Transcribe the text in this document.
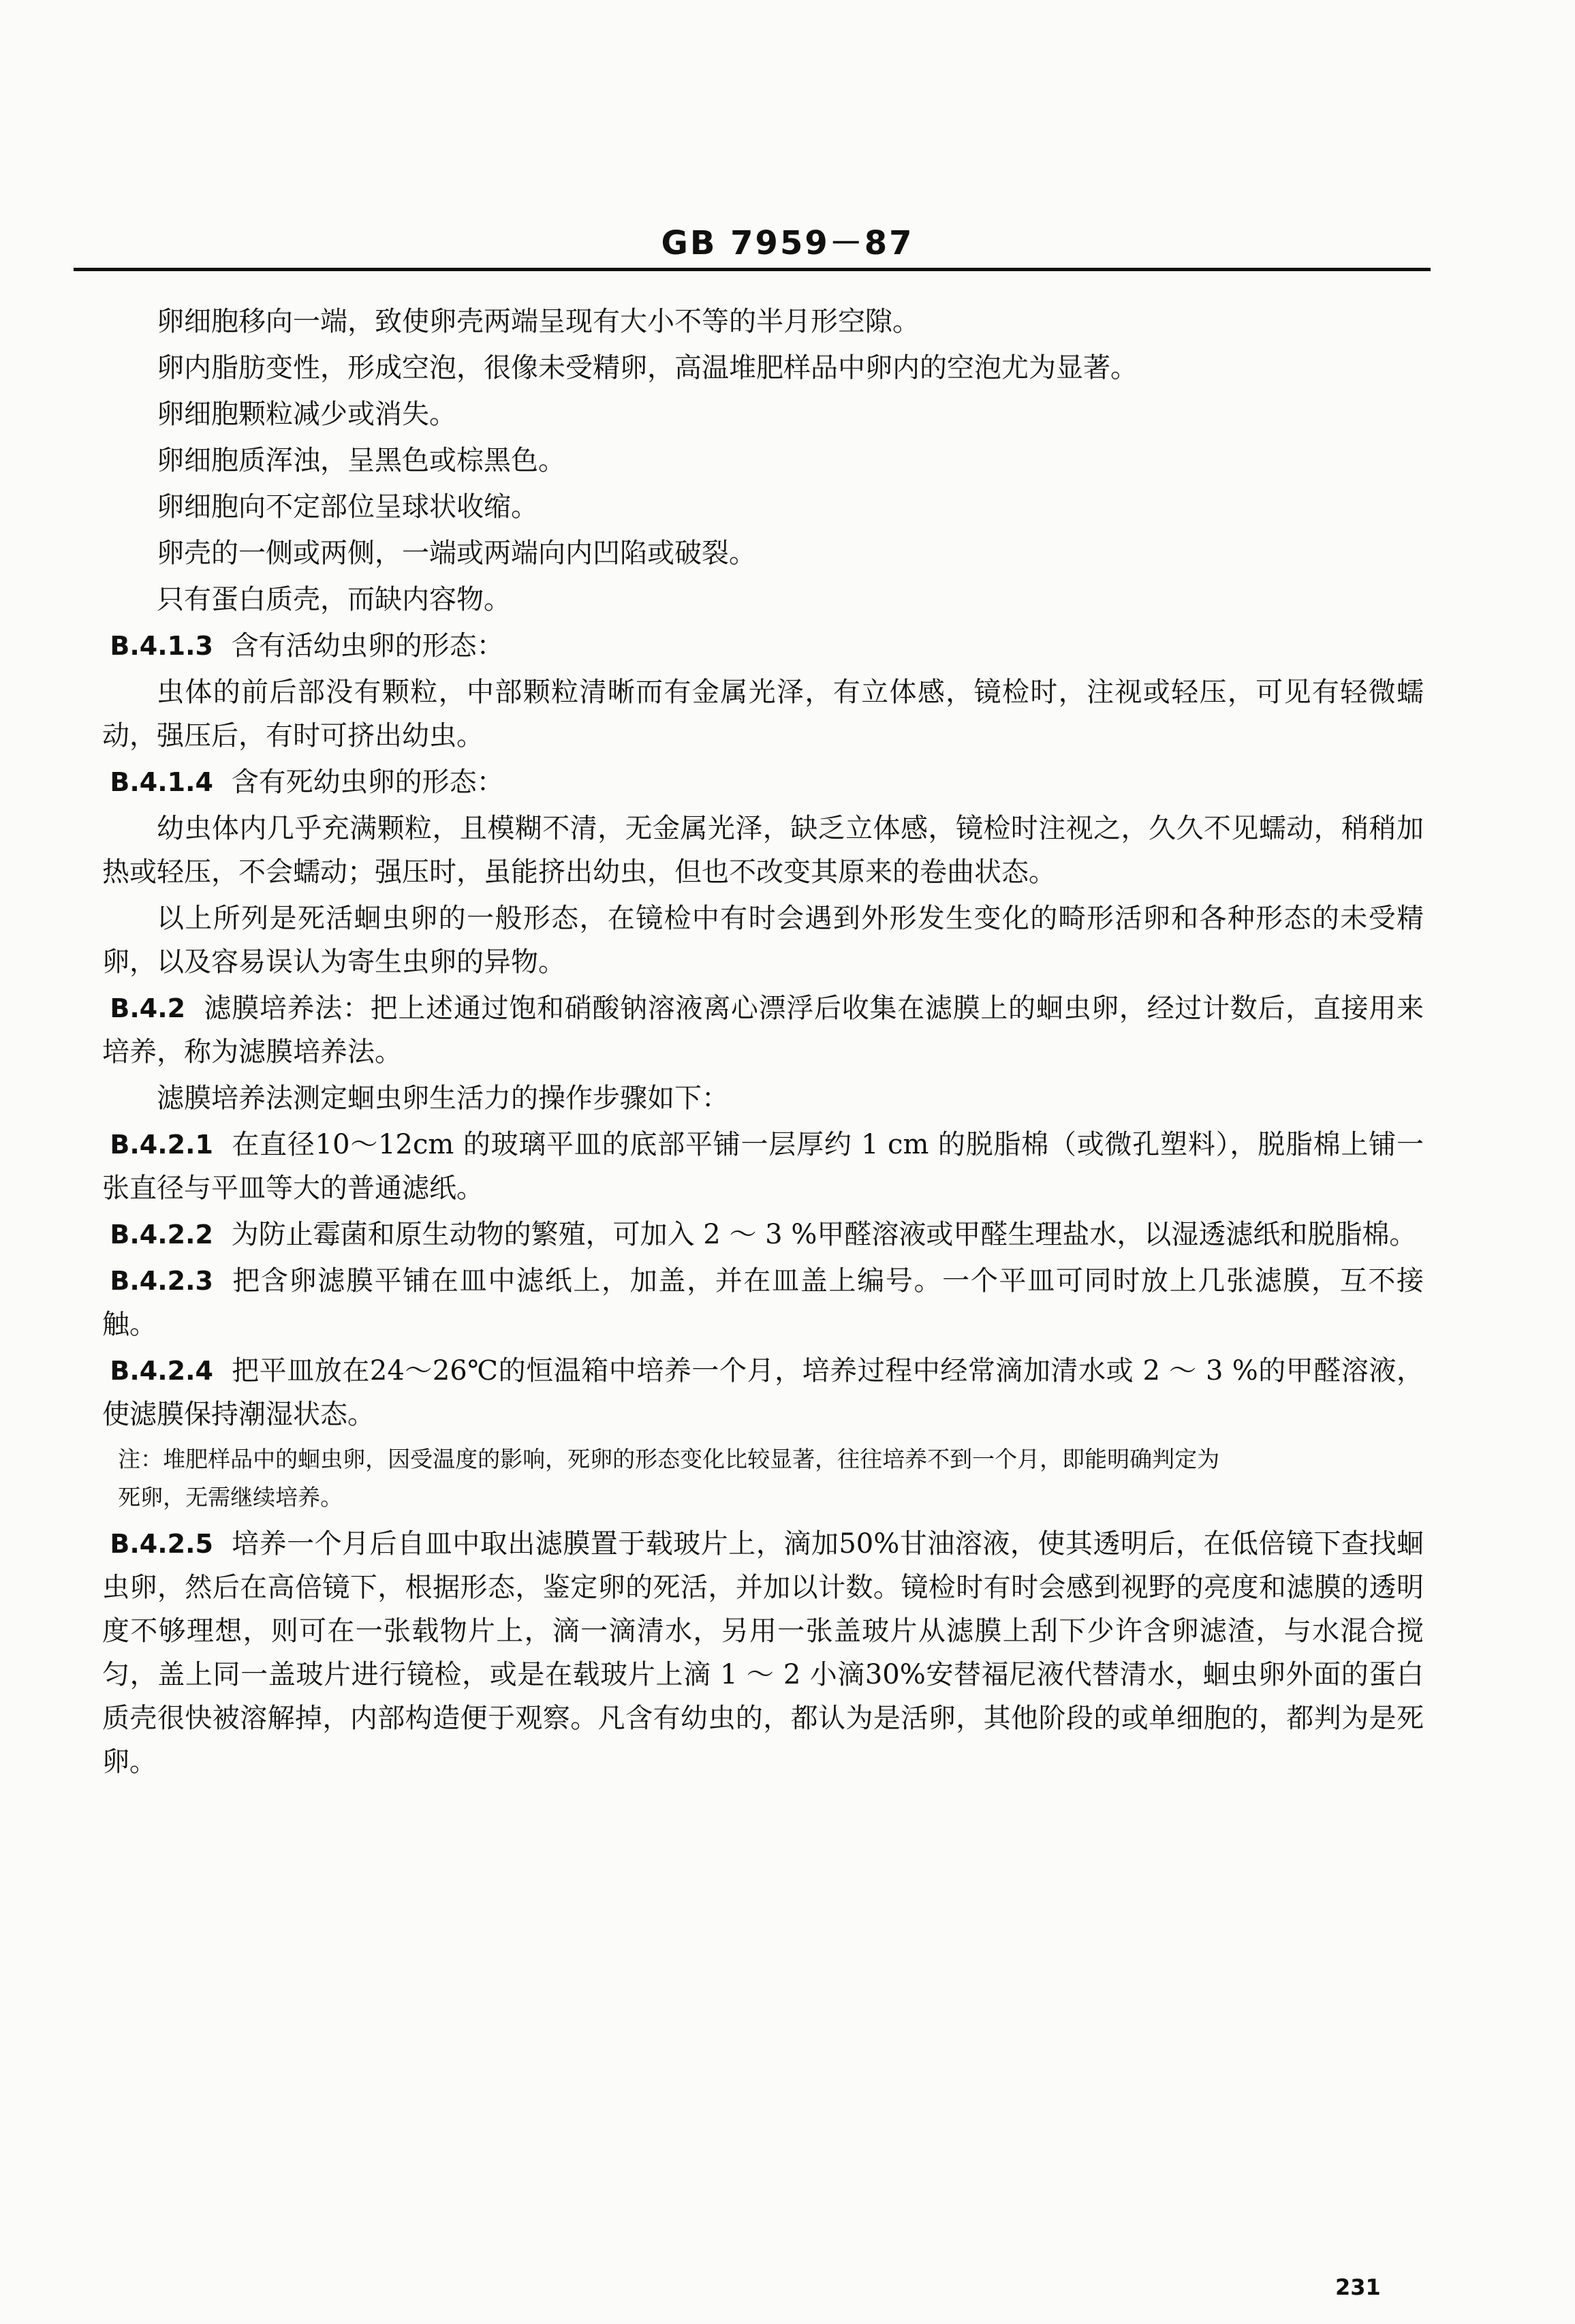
GB 7959－87

卵细胞移向一端，致使卵壳两端呈现有大小不等的半月形空隙。

卵内脂肪变性，形成空泡，很像未受精卵，高温堆肥样品中卵内的空泡尤为显著。

卵细胞颗粒减少或消失。

卵细胞质浑浊，呈黑色或棕黑色。

卵细胞向不定部位呈球状收缩。

卵壳的一侧或两侧，一端或两端向内凹陷或破裂。

只有蛋白质壳，而缺内容物。

B.4.1.3 含有活幼虫卵的形态：

虫体的前后部没有颗粒，中部颗粒清晰而有金属光泽，有立体感，镜检时，注视或轻压，可见有轻微蠕动，强压后，有时可挤出幼虫。

B.4.1.4 含有死幼虫卵的形态：

幼虫体内几乎充满颗粒，且模糊不清，无金属光泽，缺乏立体感，镜检时注视之，久久不见蠕动，稍稍加热或轻压，不会蠕动；强压时，虽能挤出幼虫，但也不改变其原来的卷曲状态。

以上所列是死活蛔虫卵的一般形态，在镜检中有时会遇到外形发生变化的畸形活卵和各种形态的未受精卵，以及容易误认为寄生虫卵的异物。

B.4.2 滤膜培养法：把上述通过饱和硝酸钠溶液离心漂浮后收集在滤膜上的蛔虫卵，经过计数后，直接用来培养，称为滤膜培养法。

滤膜培养法测定蛔虫卵生活力的操作步骤如下：

B.4.2.1 在直径10～12cm 的玻璃平皿的底部平铺一层厚约 1 cm 的脱脂棉（或微孔塑料），脱脂棉上铺一张直径与平皿等大的普通滤纸。

B.4.2.2 为防止霉菌和原生动物的繁殖，可加入 2 ～ 3 %甲醛溶液或甲醛生理盐水，以湿透滤纸和脱脂棉。

B.4.2.3 把含卵滤膜平铺在皿中滤纸上，加盖，并在皿盖上编号。一个平皿可同时放上几张滤膜，互不接触。

B.4.2.4 把平皿放在24～26℃的恒温箱中培养一个月，培养过程中经常滴加清水或 2 ～ 3 %的甲醛溶液，使滤膜保持潮湿状态。

注：堆肥样品中的蛔虫卵，因受温度的影响，死卵的形态变化比较显著，往往培养不到一个月，即能明确判定为
死卵，无需继续培养。

B.4.2.5 培养一个月后自皿中取出滤膜置于载玻片上，滴加50%甘油溶液，使其透明后，在低倍镜下查找蛔虫卵，然后在高倍镜下，根据形态，鉴定卵的死活，并加以计数。镜检时有时会感到视野的亮度和滤膜的透明度不够理想，则可在一张载物片上，滴一滴清水，另用一张盖玻片从滤膜上刮下少许含卵滤渣，与水混合搅匀，盖上同一盖玻片进行镜检，或是在载玻片上滴 1 ～ 2 小滴30%安替福尼液代替清水，蛔虫卵外面的蛋白质壳很快被溶解掉，内部构造便于观察。凡含有幼虫的，都认为是活卵，其他阶段的或单细胞的，都判为是死卵。

231
